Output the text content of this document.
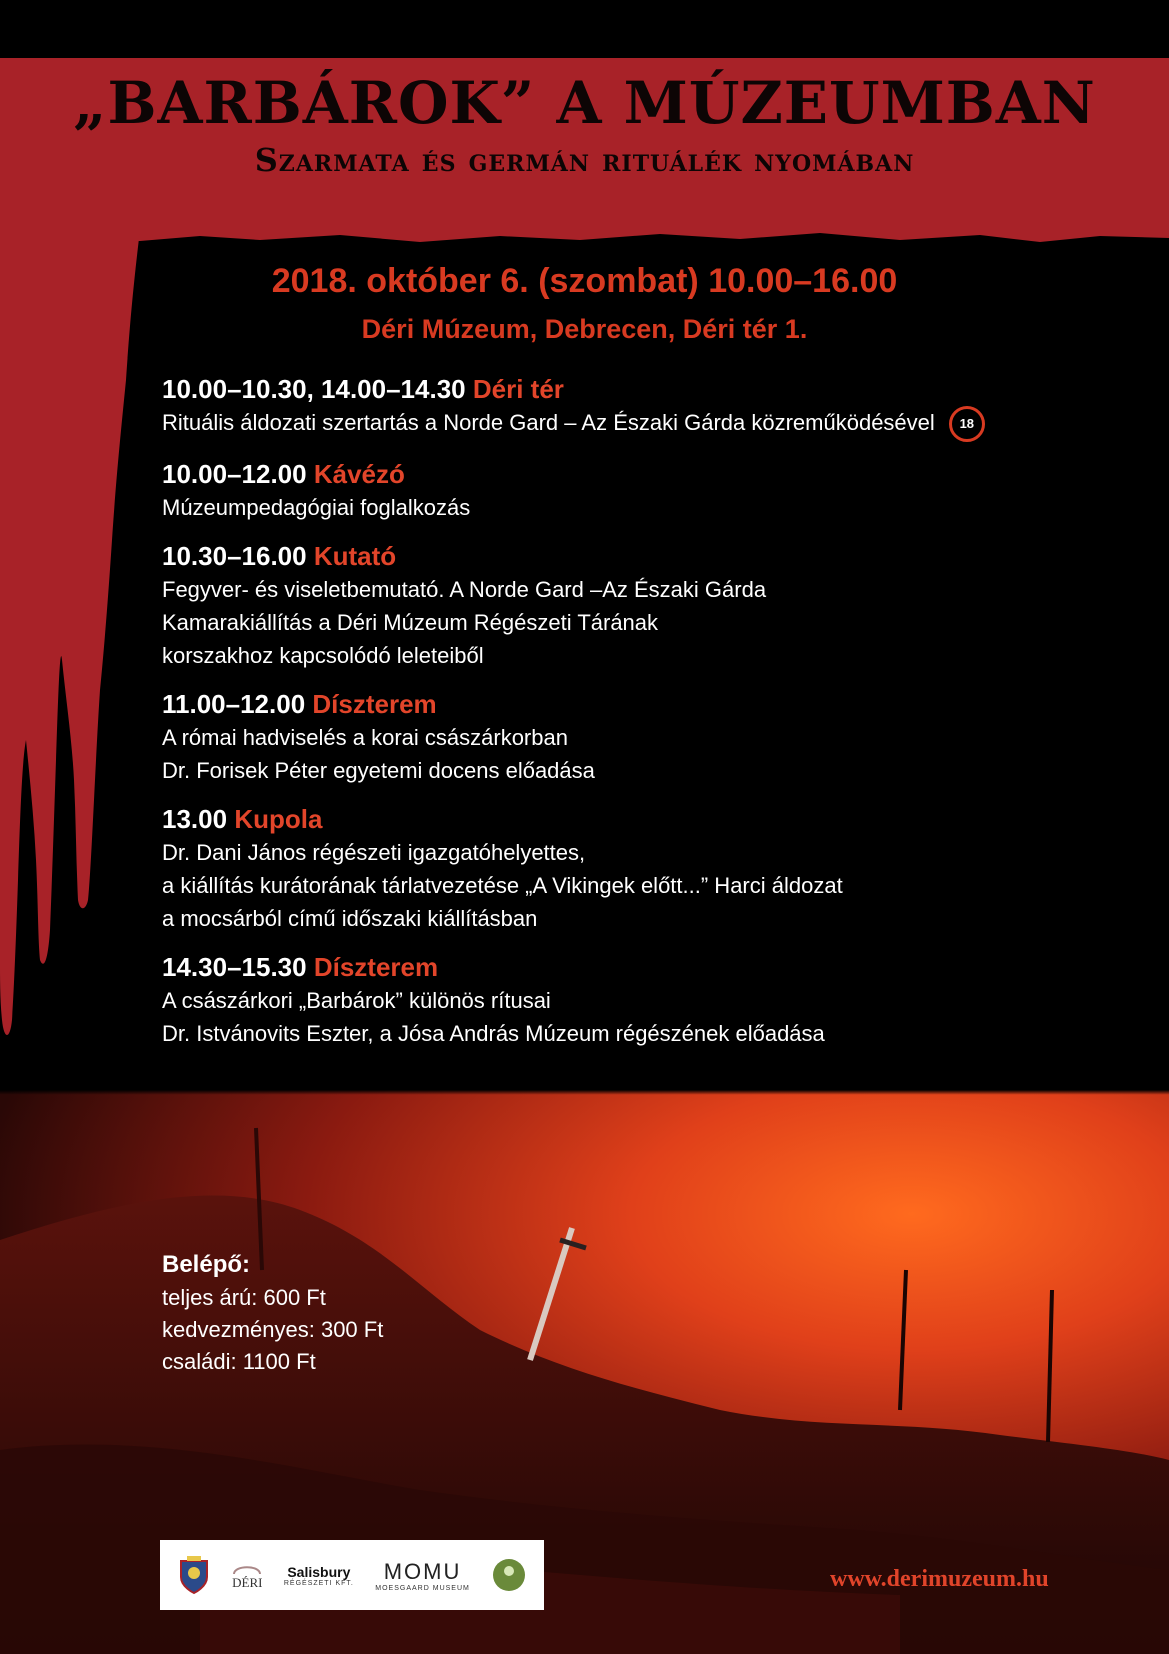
„BARBÁROK” A MÚZEUMBAN
Szarmata és germán rituálék nyomában
2018. október 6. (szombat) 10.00–16.00
Déri Múzeum, Debrecen, Déri tér 1.
10.00–10.30, 14.00–14.30 Déri tér
Rituális áldozati szertartás a Norde Gard – Az Északi Gárda közreműködésével 18
10.00–12.00 Kávézó
Múzeumpedagógiai foglalkozás
10.30–16.00 Kutató
Fegyver- és viseletbemutató. A Norde Gard –Az Északi Gárda
Kamarakiállítás a Déri Múzeum Régészeti Tárának
korszakhoz kapcsolódó leleteiből
11.00–12.00 Díszterem
A római hadviselés a korai császárkorban
Dr. Forisek Péter egyetemi docens előadása
13.00 Kupola
Dr. Dani János régészeti igazgatóhelyettes,
a kiállítás kurátorának tárlatvezetése „A Vikingek előtt...” Harci áldozat
a mocsárból című időszaki kiállításban
14.30–15.30 Díszterem
A császárkori „Barbárok” különös rítusai
Dr. Istvánovits Eszter, a Jósa András Múzeum régészének előadása
Belépő:
teljes árú: 600 Ft
kedvezményes: 300 Ft
családi: 1100 Ft
DÉRI
Salisbury
RÉGÉSZETI KFT. MOMU
MOESGAARD MUSEUM	www.derimuzeum.hu
